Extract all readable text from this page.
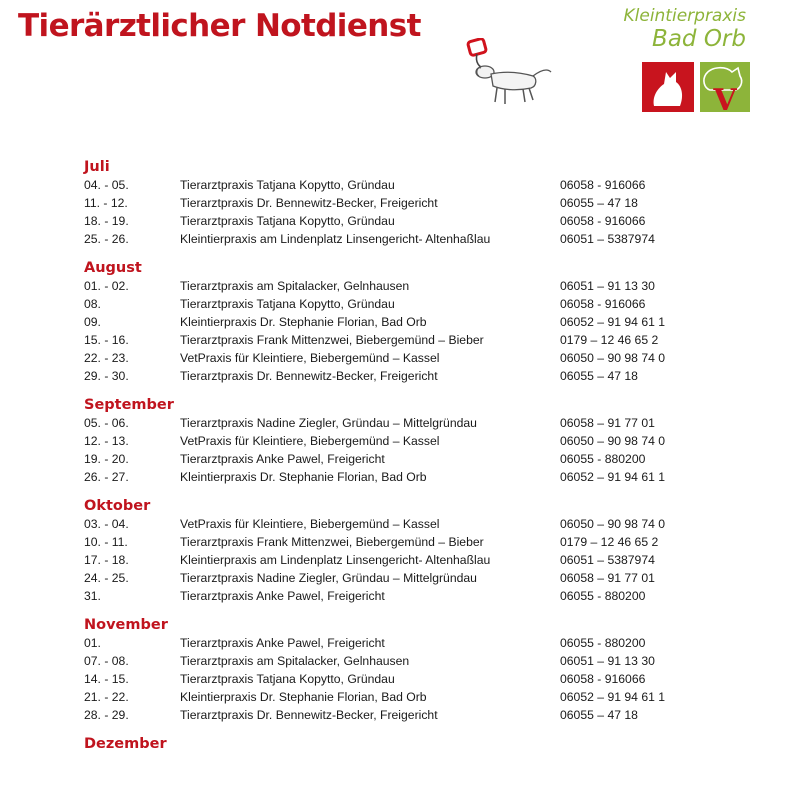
Tierärztlicher Notdienst	Kleintierpraxis
Bad Orb
V
Juli
04. - 05.	Tierarztpraxis Tatjana Kopytto, Gründau	06058 - 916066
11. - 12.	Tierarztpraxis Dr. Bennewitz-Becker, Freigericht	06055 – 47 18
18. - 19.	Tierarztpraxis Tatjana Kopytto, Gründau	06058 - 916066
25. - 26.	Kleintierpraxis am Lindenplatz Linsengericht- Altenhaßlau	06051 – 5387974
August
01. - 02.	Tierarztpraxis am Spitalacker, Gelnhausen	06051 – 91 13 30
08.	Tierarztpraxis Tatjana Kopytto, Gründau	06058 - 916066
09.	Kleintierpraxis Dr. Stephanie Florian, Bad Orb	06052 – 91 94 61 1
15. - 16.	Tierarztpraxis Frank Mittenzwei, Biebergemünd – Bieber	0179 – 12 46 65 2
22. - 23.	VetPraxis für Kleintiere, Biebergemünd – Kassel	06050 – 90 98 74 0
29. - 30.	Tierarztpraxis Dr. Bennewitz-Becker, Freigericht	06055 – 47 18
September
05. - 06.	Tierarztpraxis Nadine Ziegler, Gründau – Mittelgründau	06058 – 91 77 01
12. - 13.	VetPraxis für Kleintiere, Biebergemünd – Kassel	06050 – 90 98 74 0
19. - 20.	Tierarztpraxis Anke Pawel, Freigericht	06055 - 880200
26. - 27.	Kleintierpraxis Dr. Stephanie Florian, Bad Orb	06052 – 91 94 61 1
Oktober
03. - 04.	VetPraxis für Kleintiere, Biebergemünd – Kassel	06050 – 90 98 74 0
10. - 11.	Tierarztpraxis Frank Mittenzwei, Biebergemünd – Bieber	0179 – 12 46 65 2
17. - 18.	Kleintierpraxis am Lindenplatz Linsengericht- Altenhaßlau	06051 – 5387974
24. - 25.	Tierarztpraxis Nadine Ziegler, Gründau – Mittelgründau	06058 – 91 77 01
31.	Tierarztpraxis Anke Pawel, Freigericht	06055 - 880200
November
01.	Tierarztpraxis Anke Pawel, Freigericht	06055 - 880200
07. - 08.	Tierarztpraxis am Spitalacker, Gelnhausen	06051 – 91 13 30
14. - 15.	Tierarztpraxis Tatjana Kopytto, Gründau	06058 - 916066
21. - 22.	Kleintierpraxis Dr. Stephanie Florian, Bad Orb	06052 – 91 94 61 1
28. - 29.	Tierarztpraxis Dr. Bennewitz-Becker, Freigericht	06055 – 47 18
Dezember
